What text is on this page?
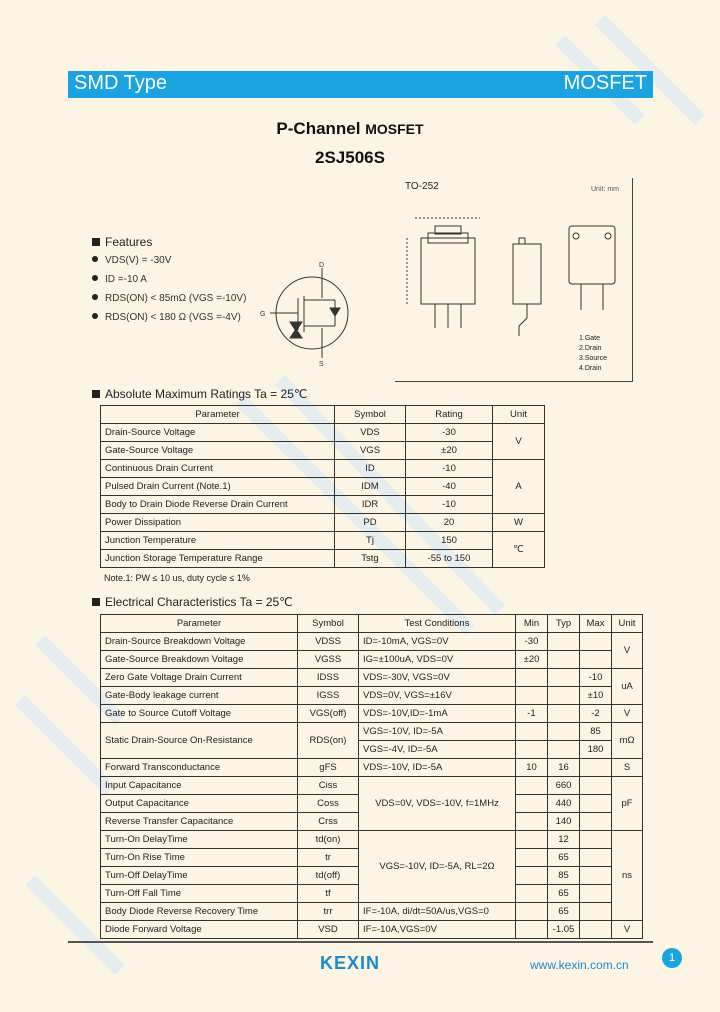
SMD Type	MOSFET
P-Channel MOSFET
2SJ506S
TO-252	Unit: mm
1.Gate
2.Drain
3.Source
4.Drain
Features
VDS(V) = -30V
ID =-10 A
RDS(ON) < 85mΩ (VGS =-10V)
RDS(ON) < 180 Ω (VGS =-4V)
D
G
S
Absolute Maximum Ratings Ta = 25℃
Parameter	Symbol	Rating	Unit
Drain-Source Voltage	VDS	-30	V
Gate-Source Voltage	VGS	±20	
Continuous Drain Current	ID	-10	A
Pulsed Drain Current (Note.1)	IDM	-40	
Body to Drain Diode Reverse Drain Current	IDR	-10	
Power Dissipation	PD	20	W
Junction Temperature	Tj	150	℃
Junction Storage Temperature Range	Tstg	-55 to 150	
Note.1: PW ≤ 10 us, duty cycle ≤ 1%
Electrical Characteristics Ta = 25℃
Parameter	Symbol	Test Conditions	Min	Typ	Max	Unit
Drain-Source Breakdown Voltage	VDSS	ID=-10mA, VGS=0V	-30			V
Gate-Source Breakdown Voltage	VGSS	IG=±100uA, VDS=0V	±20			
Zero Gate Voltage Drain Current	IDSS	VDS=-30V, VGS=0V			-10	uA
Gate-Body leakage current	IGSS	VDS=0V, VGS=±16V			±10	
Gate to Source Cutoff Voltage	VGS(off)	VDS=-10V,ID=-1mA	-1		-2	V
Static Drain-Source On-Resistance	RDS(on)	VGS=-10V, ID=-5A			85	mΩ
		VGS=-4V, ID=-5A			180	
Forward Transconductance	gFS	VDS=-10V, ID=-5A	10	16		S
Input Capacitance	Ciss	VDS=0V, VDS=-10V, f=1MHz		660		pF
Output Capacitance	Coss			440		
Reverse Transfer Capacitance	Crss			140		
Turn-On DelayTime	td(on)	VGS=-10V, ID=-5A, RL=2Ω		12		ns
Turn-On Rise Time	tr			65		
Turn-Off DelayTime	td(off)			85		
Turn-Off Fall Time	tf			65		
Body Diode Reverse Recovery Time	trr	IF=-10A, di/dt=50A/us,VGS=0		65		
Diode Forward Voltage	VSD	IF=-10A,VGS=0V		-1.05		V
KEXIN	www.kexin.com.cn	1
